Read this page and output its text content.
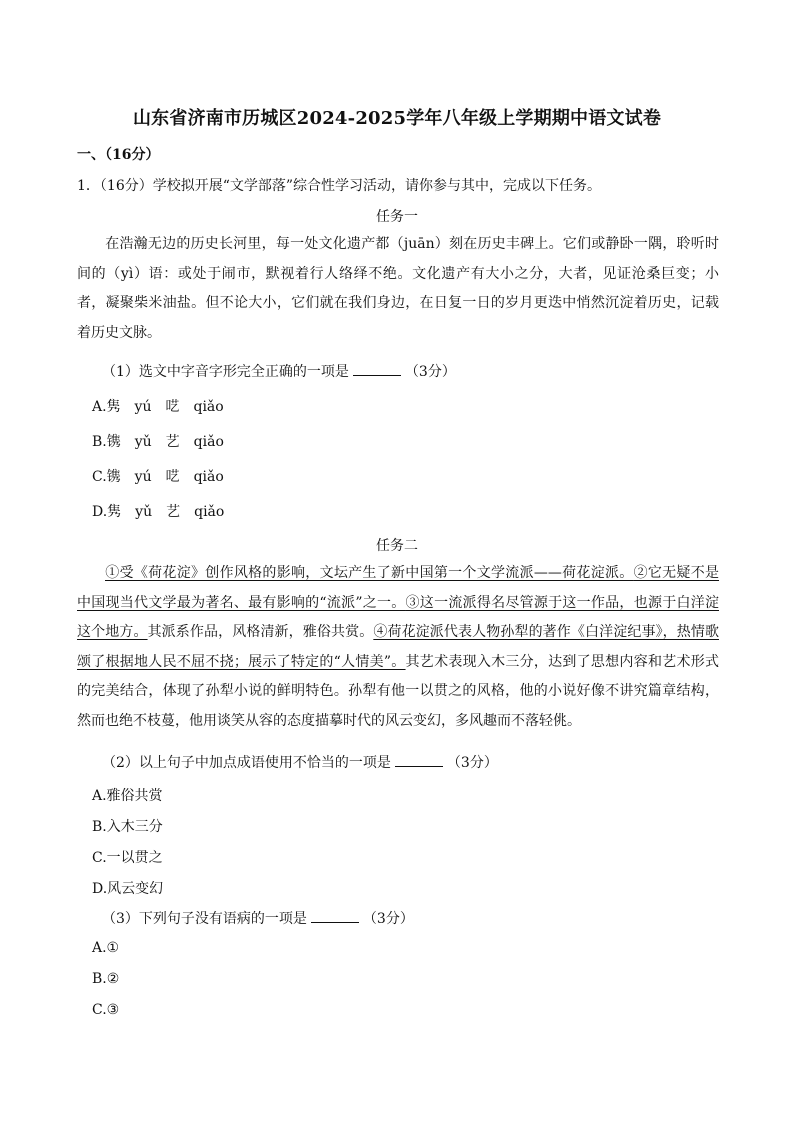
山东省济南市历城区2024-2025学年八年级上学期期中语文试卷
一、（16分）
1．（16分）学校拟开展“文学部落”综合性学习活动，请你参与其中，完成以下任务。
任务一
在浩瀚无边的历史长河里，每一处文化遗产都（juān）刻在历史丰碑上。它们或静卧一隅，聆听时间的（yì）语：或处于闹市，默视着行人络绎不绝。文化遗产有大小之分，大者，见证沧桑巨变；小者，凝聚柴米油盐。但不论大小，它们就在我们身边，在日复一日的岁月更迭中悄然沉淀着历史，记载着历史文脉。
（1）选文中字音字形完全正确的一项是	（3分）
A.隽　yú　呓　qiǎo
B.镌　yǔ　艺　qiǎo
C.镌　yú　呓　qiǎo
D.隽　yǔ　艺　qiǎo
任务二
①受《荷花淀》创作风格的影响，文坛产生了新中国第一个文学流派——荷花淀派。②它无疑不是中国现当代文学最为著名、最有影响的“流派”之一。③这一流派得名尽管源于这一作品，也源于白洋淀这个地方。其派系作品，风格清新，雅俗共赏。④荷花淀派代表人物孙犁的著作《白洋淀纪事》，热情歌颂了根据地人民不屈不挠；展示了特定的“人情美”。其艺术表现入木三分，达到了思想内容和艺术形式的完美结合，体现了孙犁小说的鲜明特色。孙犁有他一以贯之的风格，他的小说好像不讲究篇章结构，然而也绝不枝蔓，他用谈笑从容的态度描摹时代的风云变幻，多风趣而不落轻佻。
（2）以上句子中加点成语使用不恰当的一项是	（3分）
A.雅俗共赏
B.入木三分
C.一以贯之
D.风云变幻
（3）下列句子没有语病的一项是	（3分）
A.①
B.②
C.③
